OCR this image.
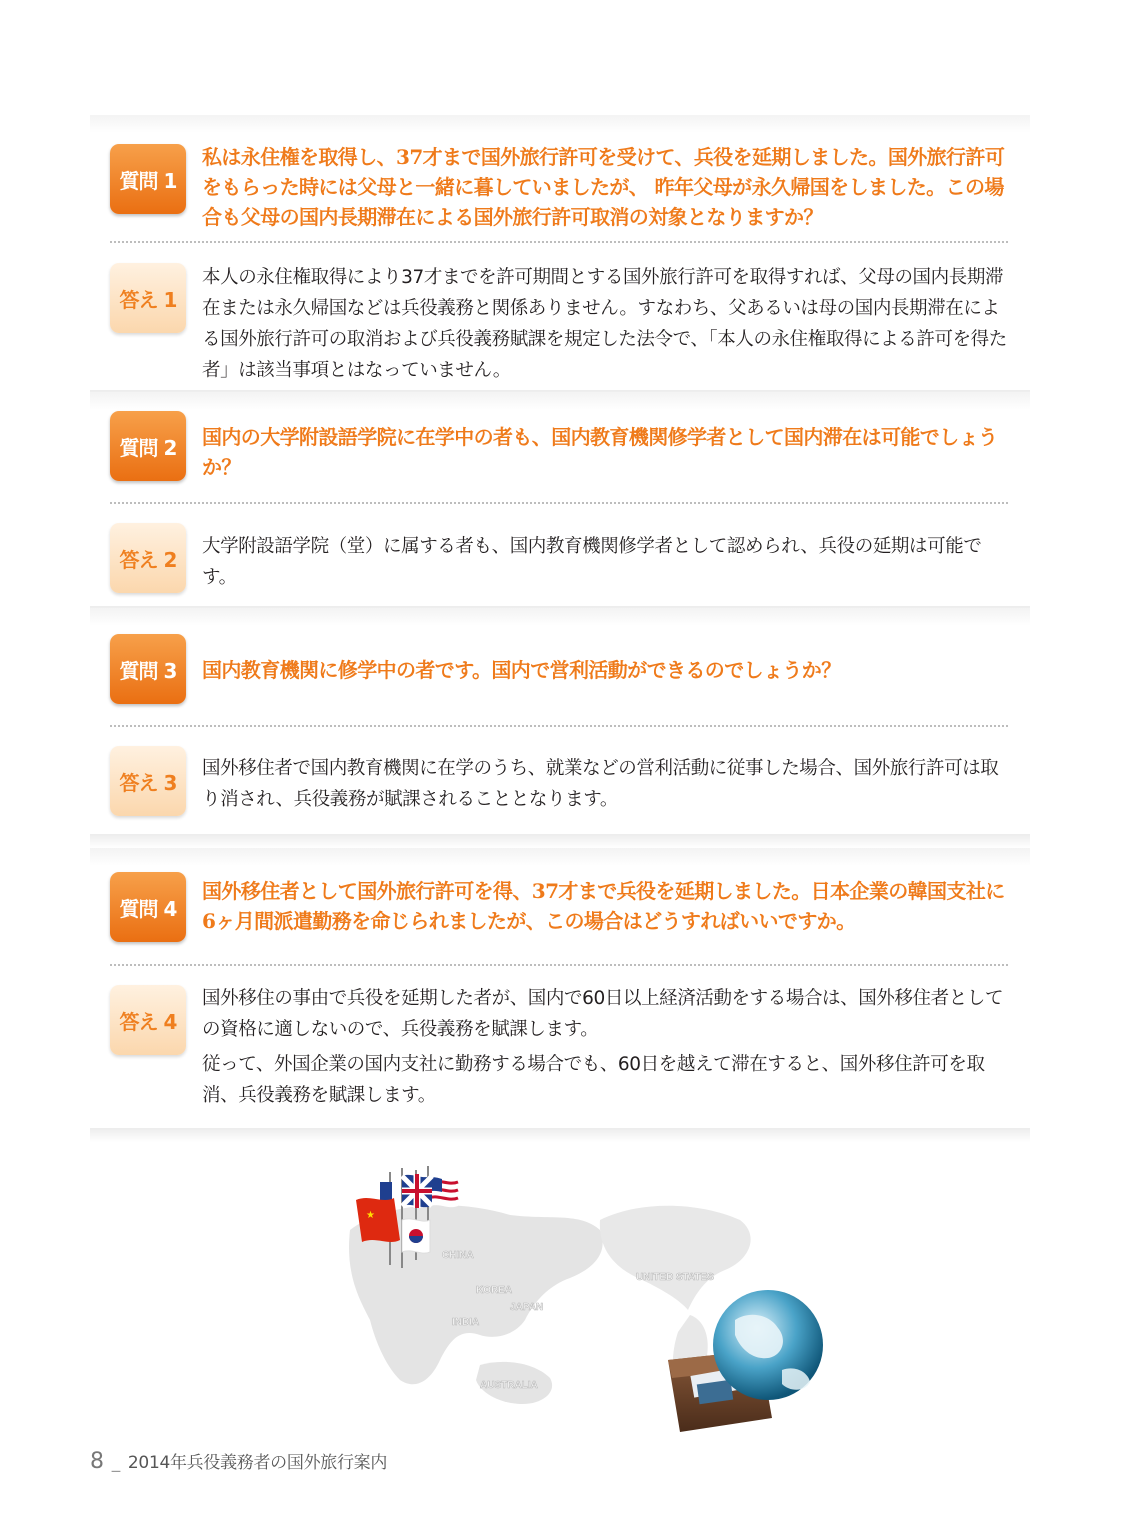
質問 1
私は永住権を取得し、37才まで国外旅行許可を受けて、兵役を延期しました。国外旅行許可をもらった時には父母と一緒に暮していましたが、 昨年父母が永久帰国をしました。この場合も父母の国内長期滞在による国外旅行許可取消の対象となりますか？
答え 1

本人の永住権取得により37才までを許可期間とする国外旅行許可を取得すれば、父母の国内長期滞在または永久帰国などは兵役義務と関係ありません。すなわち、父あるいは母の国内長期滞在による国外旅行許可の取消および兵役義務賦課を規定した法令で、「本人の永住権取得による許可を得た者」は該当事項とはなっていません。

質問 2	国内の大学附設語学院に在学中の者も、国内教育機関修学者として国内滞在は可能でしょうか？
答え 2

大学附設語学院（堂）に属する者も、国内教育機関修学者として認められ、兵役の延期は可能です。

質問 3	国内教育機関に修学中の者です。国内で営利活動ができるのでしょうか？
答え 3

国外移住者で国内教育機関に在学のうち、就業などの営利活動に従事した場合、国外旅行許可は取り消され、兵役義務が賦課されることとなります。

質問 4
国外移住者として国外旅行許可を得、37才まで兵役を延期しました。日本企業の韓国支社に6ヶ月間派遣勤務を命じられましたが、この場合はどうすればいいですか。
答え 4

国外移住の事由で兵役を延期した者が、国内で60日以上経済活動をする場合は、国外移住者としての資格に適しないので、兵役義務を賦課します。

従って、外国企業の国内支社に勤務する場合でも、60日を越えて滞在すると、国外移住許可を取消、兵役義務を賦課します。

★
CHINA
KOREA
JAPAN
INDIA
AUSTRALIA
UNITED STATES
8 _ 2014年兵役義務者の国外旅行案内
